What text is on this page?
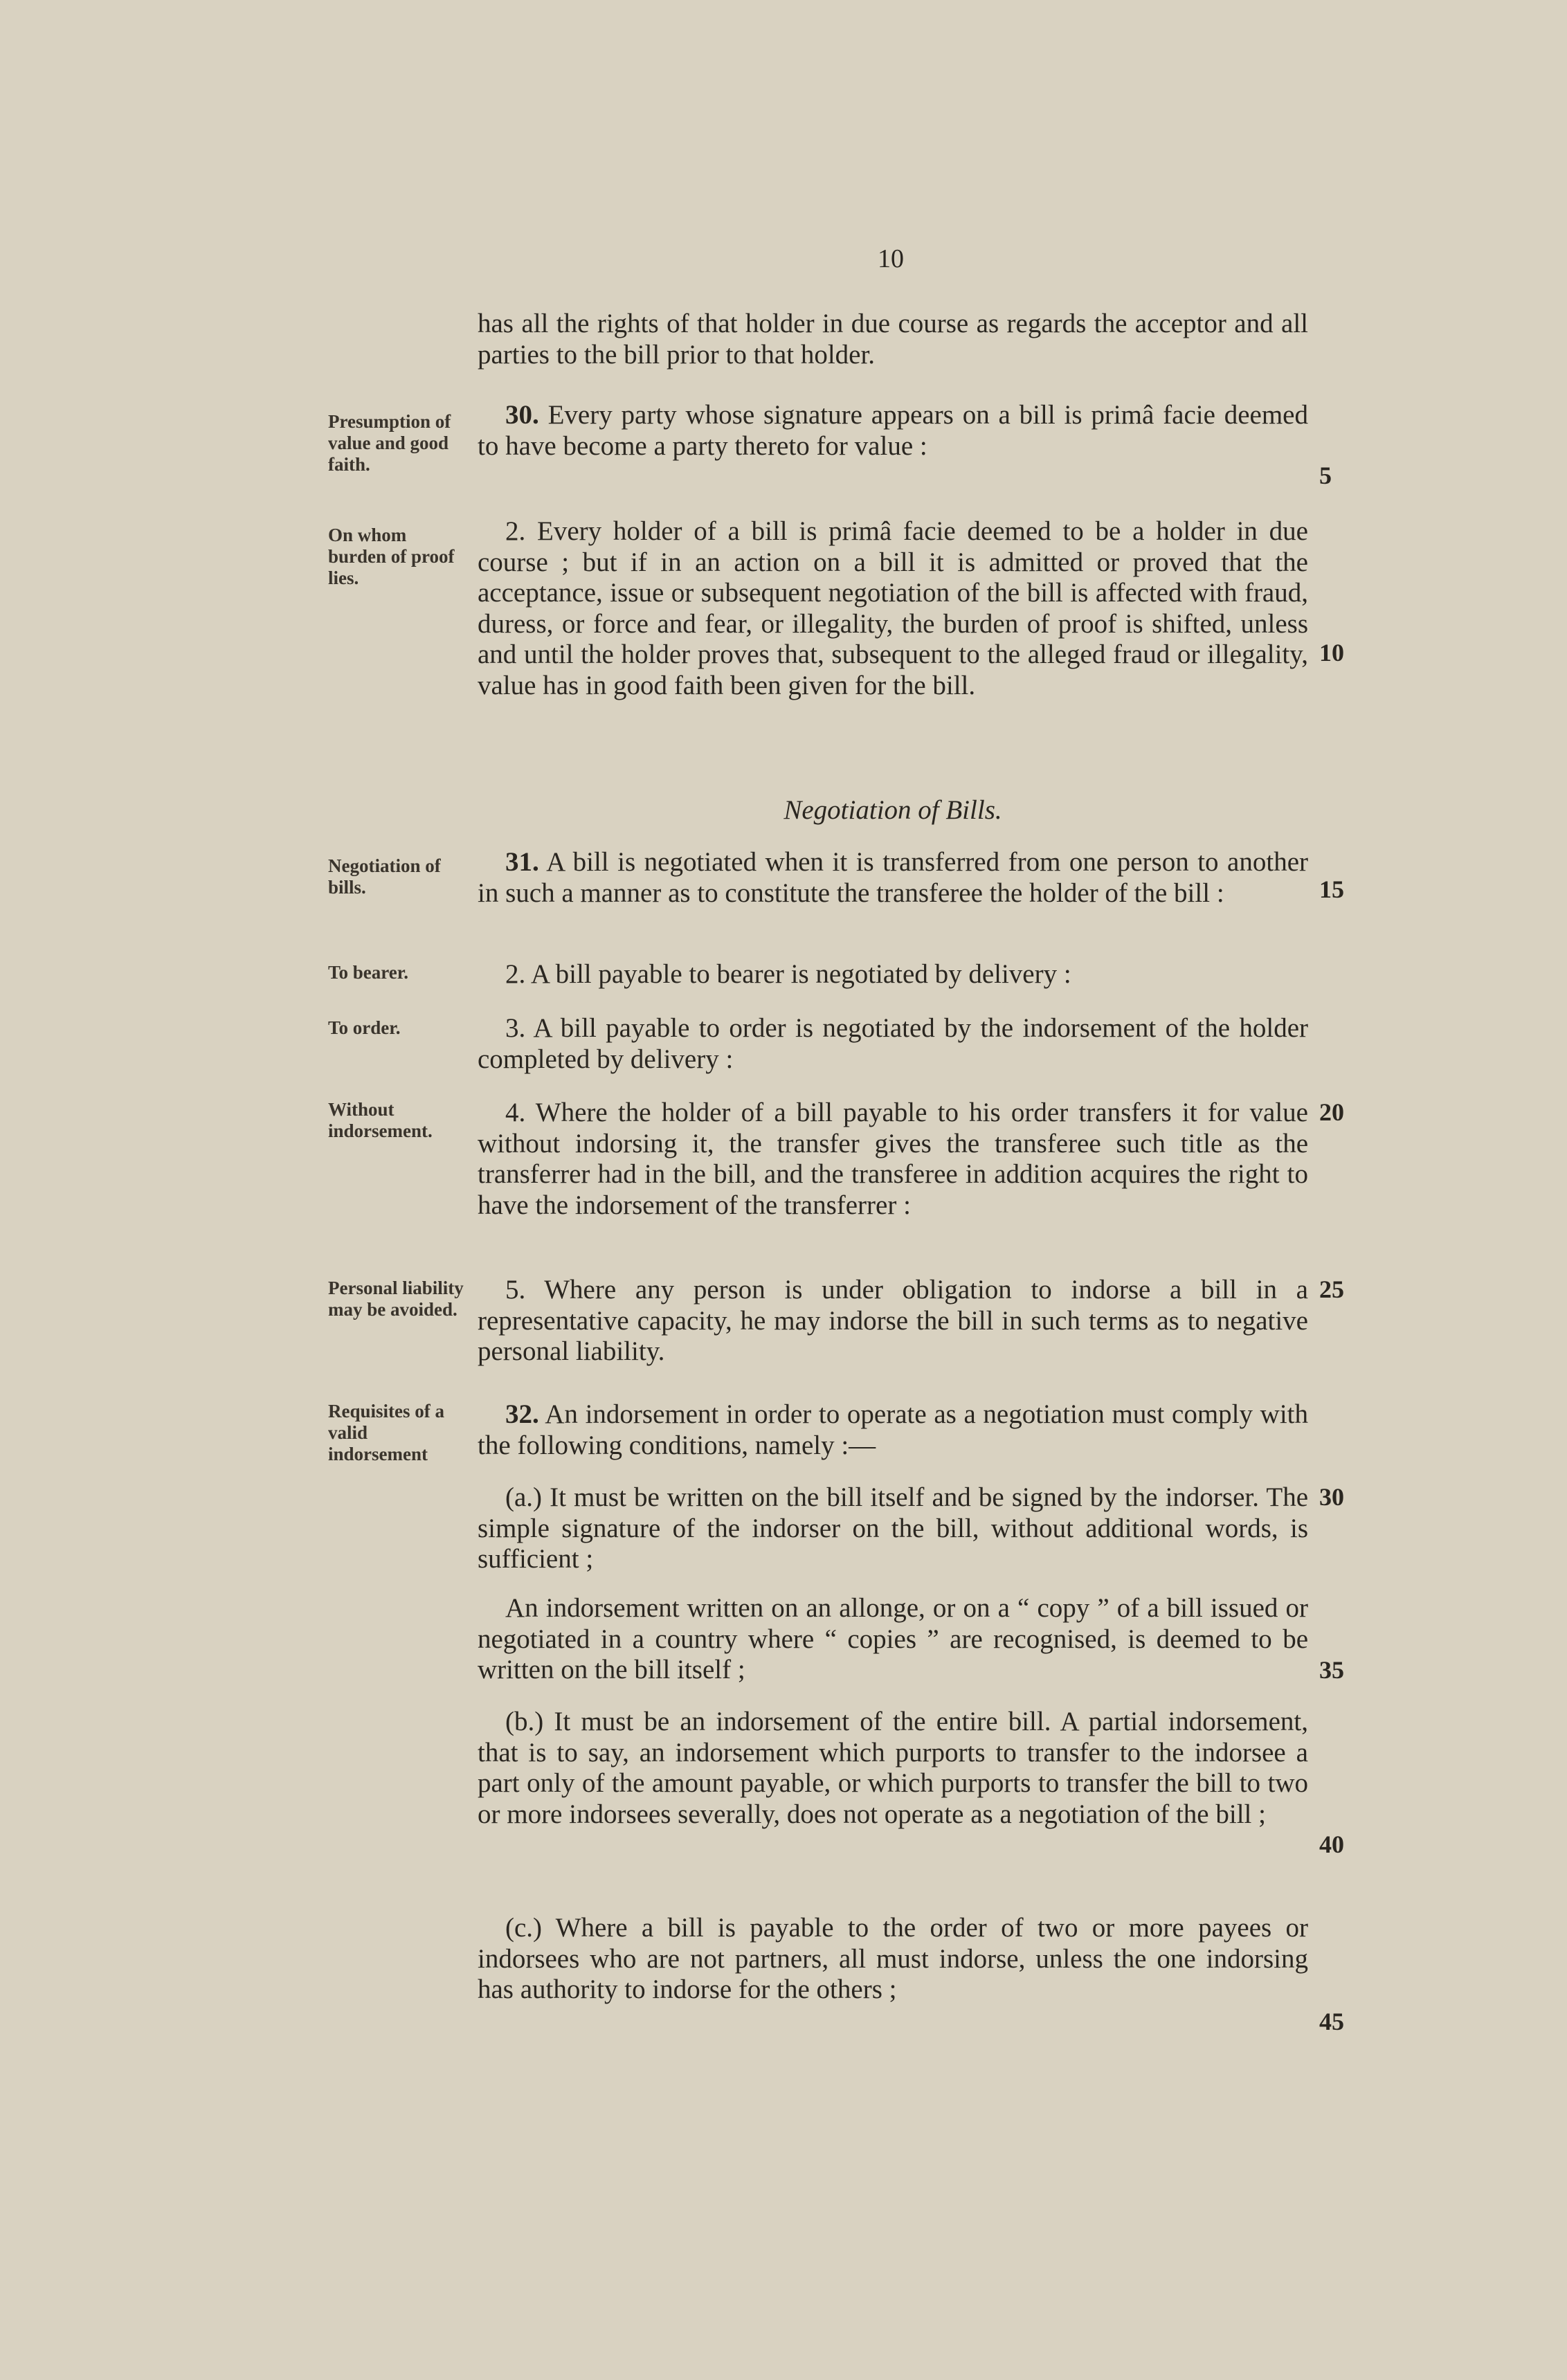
10
has all the rights of that holder in due course as regards the acceptor and all parties to the bill prior to that holder.
30. Every party whose signature appears on a bill is primâ facie deemed to have become a party thereto for value :
2. Every holder of a bill is primâ facie deemed to be a holder in due course ; but if in an action on a bill it is admitted or proved that the acceptance, issue or subsequent negotiation of the bill is affected with fraud, duress, or force and fear, or illegality, the burden of proof is shifted, unless and until the holder proves that, subsequent to the alleged fraud or illegality, value has in good faith been given for the bill.
Negotiation of Bills.
31. A bill is negotiated when it is transferred from one person to another in such a manner as to constitute the transferee the holder of the bill :
2. A bill payable to bearer is negotiated by delivery :
3. A bill payable to order is negotiated by the indorsement of the holder completed by delivery :
4. Where the holder of a bill payable to his order transfers it for value without indorsing it, the transfer gives the transferee such title as the transferrer had in the bill, and the transferee in addition acquires the right to have the indorsement of the transferrer :
5. Where any person is under obligation to indorse a bill in a representative capacity, he may indorse the bill in such terms as to negative personal liability.
32. An indorsement in order to operate as a negotiation must comply with the following conditions, namely :—
(a.) It must be written on the bill itself and be signed by the indorser. The simple signature of the indorser on the bill, without additional words, is sufficient ;
An indorsement written on an allonge, or on a “ copy ” of a bill issued or negotiated in a country where “ copies ” are recognised, is deemed to be written on the bill itself ;
(b.) It must be an indorsement of the entire bill. A partial indorsement, that is to say, an indorsement which purports to transfer to the indorsee a part only of the amount payable, or which purports to transfer the bill to two or more indorsees severally, does not operate as a negotiation of the bill ;
(c.) Where a bill is payable to the order of two or more payees or indorsees who are not partners, all must indorse, unless the one indorsing has authority to indorse for the others ;
Presumption of value and good faith.
On whom burden of proof lies.
Negotiation of bills.
To bearer.
To order.
Without indorsement.
Personal liability may be avoided.
Requisites of a valid indorsement
5
10
15
20
25
30
35
40
45
